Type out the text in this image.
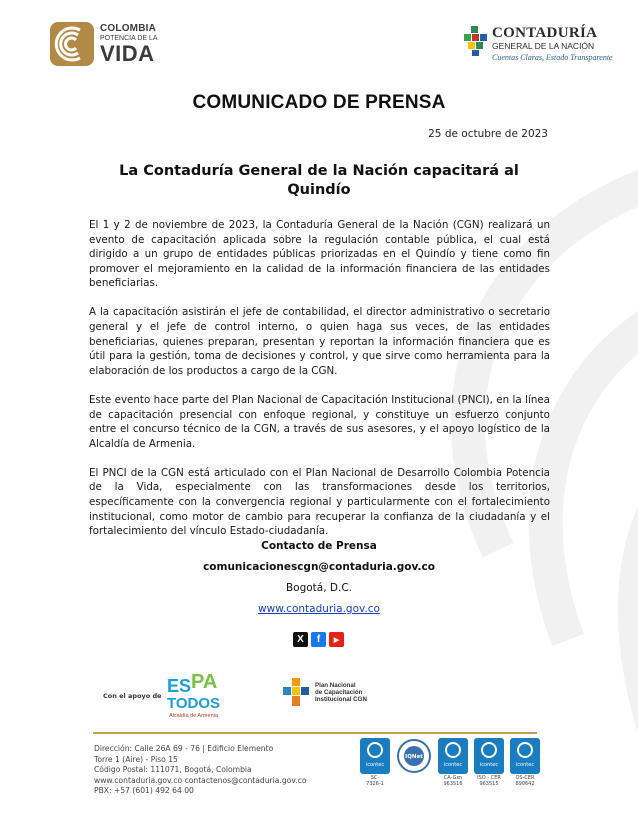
COLOMBIA
POTENCIA DE LA
VIDA
CONTADURÍA
GENERAL DE LA NACIÓN
Cuentas Claras, Estado Transparente
COMUNICADO DE PRENSA
25 de octubre de 2023
La Contaduría General de la Nación capacitará al Quindío

El 1 y 2 de noviembre de 2023, la Contaduría General de la Nación (CGN) realizará un evento de capacitación aplicada sobre la regulación contable pública, el cual está dirigido a un grupo de entidades públicas priorizadas en el Quindío y tiene como fin promover el mejoramiento en la calidad de la información financiera de las entidades beneficiarias.

A la capacitación asistirán el jefe de contabilidad, el director administrativo o secretario general y el jefe de control interno, o quien haga sus veces, de las entidades beneficiarias, quienes preparan, presentan y reportan la información financiera que es útil para la gestión, toma de decisiones y control, y que sirve como herramienta para la elaboración de los productos a cargo de la CGN.

Este evento hace parte del Plan Nacional de Capacitación Institucional (PNCI), en la línea de capacitación presencial con enfoque regional, y constituye un esfuerzo conjunto entre el concurso técnico de la CGN, a través de sus asesores, y el apoyo logístico de la Alcaldía de Armenia.

El PNCI de la CGN está articulado con el Plan Nacional de Desarrollo Colombia Potencia de la Vida, especialmente con las transformaciones desde los territorios, específicamente con la convergencia regional y particularmente con el fortalecimiento institucional, como motor de cambio para recuperar la confianza de la ciudadanía y el fortalecimiento del vínculo Estado-ciudadanía.

Contacto de Prensa
comunicacionescgn@contaduria.gov.co
Bogotá, D.C.
www.contaduria.gov.co
X	f	▶
Con el apoyo de ES PA
TODOS
Alcaldía de Armenia
Plan Nacional
de Capacitación
Institucional CGN
Dirección: Calle 26A 69 - 76 | Edificio Elemento
Torre 1 (Aire) - Piso 15
Código Postal: 111071, Bogotá, Colombia
www.contaduria.gov.co contactenos@contaduria.gov.co
PBX: +57 (601) 492 64 00
icontec
SC-
7326-1
IQNet
icontec
CA-Gsn
963516
icontec
ISO - CER
963515
icontec
OS-CER
890642
